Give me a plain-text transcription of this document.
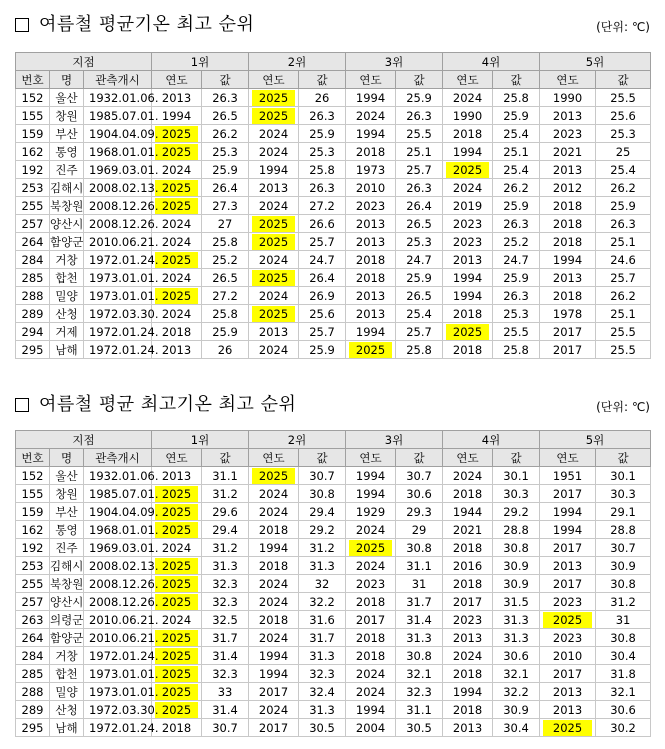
여름철 평균기온 최고 순위	(단위: ℃)
지점			1위		2위		3위		4위		5위	
번호	명	관측개시	연도	값	연도	값	연도	값	연도	값	연도	값
152	울산	1932.01.06.	2013	26.3	2025	26	1994	25.9	2024	25.8	1990	25.5
155	창원	1985.07.01.	1994	26.5	2025	26.3	2024	26.3	1990	25.9	2013	25.6
159	부산	1904.04.09.	2025	26.2	2024	25.9	1994	25.5	2018	25.4	2023	25.3
162	통영	1968.01.01.	2025	25.3	2024	25.3	2018	25.1	1994	25.1	2021	25
192	진주	1969.03.01.	2024	25.9	1994	25.8	1973	25.7	2025	25.4	2013	25.4
253	김해시	2008.02.13.	2025	26.4	2013	26.3	2010	26.3	2024	26.2	2012	26.2
255	북창원	2008.12.26.	2025	27.3	2024	27.2	2023	26.4	2019	25.9	2018	25.9
257	양산시	2008.12.26.	2024	27	2025	26.6	2013	26.5	2023	26.3	2018	26.3
264	함양군	2010.06.21.	2024	25.8	2025	25.7	2013	25.3	2023	25.2	2018	25.1
284	거창	1972.01.24.	2025	25.2	2024	24.7	2018	24.7	2013	24.7	1994	24.6
285	합천	1973.01.01.	2024	26.5	2025	26.4	2018	25.9	1994	25.9	2013	25.7
288	밀양	1973.01.01.	2025	27.2	2024	26.9	2013	26.5	1994	26.3	2018	26.2
289	산청	1972.03.30.	2024	25.8	2025	25.6	2013	25.4	2018	25.3	1978	25.1
294	거제	1972.01.24.	2018	25.9	2013	25.7	1994	25.7	2025	25.5	2017	25.5
295	남해	1972.01.24.	2013	26	2024	25.9	2025	25.8	2018	25.8	2017	25.5
여름철 평균 최고기온 최고 순위	(단위: ℃)
지점			1위		2위		3위		4위		5위	
번호	명	관측개시	연도	값	연도	값	연도	값	연도	값	연도	값
152	울산	1932.01.06.	2013	31.1	2025	30.7	1994	30.7	2024	30.1	1951	30.1
155	창원	1985.07.01.	2025	31.2	2024	30.8	1994	30.6	2018	30.3	2017	30.3
159	부산	1904.04.09.	2025	29.6	2024	29.4	1929	29.3	1944	29.2	1994	29.1
162	통영	1968.01.01.	2025	29.4	2018	29.2	2024	29	2021	28.8	1994	28.8
192	진주	1969.03.01.	2024	31.2	1994	31.2	2025	30.8	2018	30.8	2017	30.7
253	김해시	2008.02.13.	2025	31.3	2018	31.3	2024	31.1	2016	30.9	2013	30.9
255	북창원	2008.12.26.	2025	32.3	2024	32	2023	31	2018	30.9	2017	30.8
257	양산시	2008.12.26.	2025	32.3	2024	32.2	2018	31.7	2017	31.5	2023	31.2
263	의령군	2010.06.21.	2024	32.5	2018	31.6	2017	31.4	2023	31.3	2025	31
264	함양군	2010.06.21.	2025	31.7	2024	31.7	2018	31.3	2013	31.3	2023	30.8
284	거창	1972.01.24.	2025	31.4	1994	31.3	2018	30.8	2024	30.6	2010	30.4
285	합천	1973.01.01.	2025	32.3	1994	32.3	2024	32.1	2018	32.1	2017	31.8
288	밀양	1973.01.01.	2025	33	2017	32.4	2024	32.3	1994	32.2	2013	32.1
289	산청	1972.03.30.	2025	31.4	2024	31.3	1994	31.1	2018	30.9	2013	30.6
295	남해	1972.01.24.	2018	30.7	2017	30.5	2004	30.5	2013	30.4	2025	30.2
